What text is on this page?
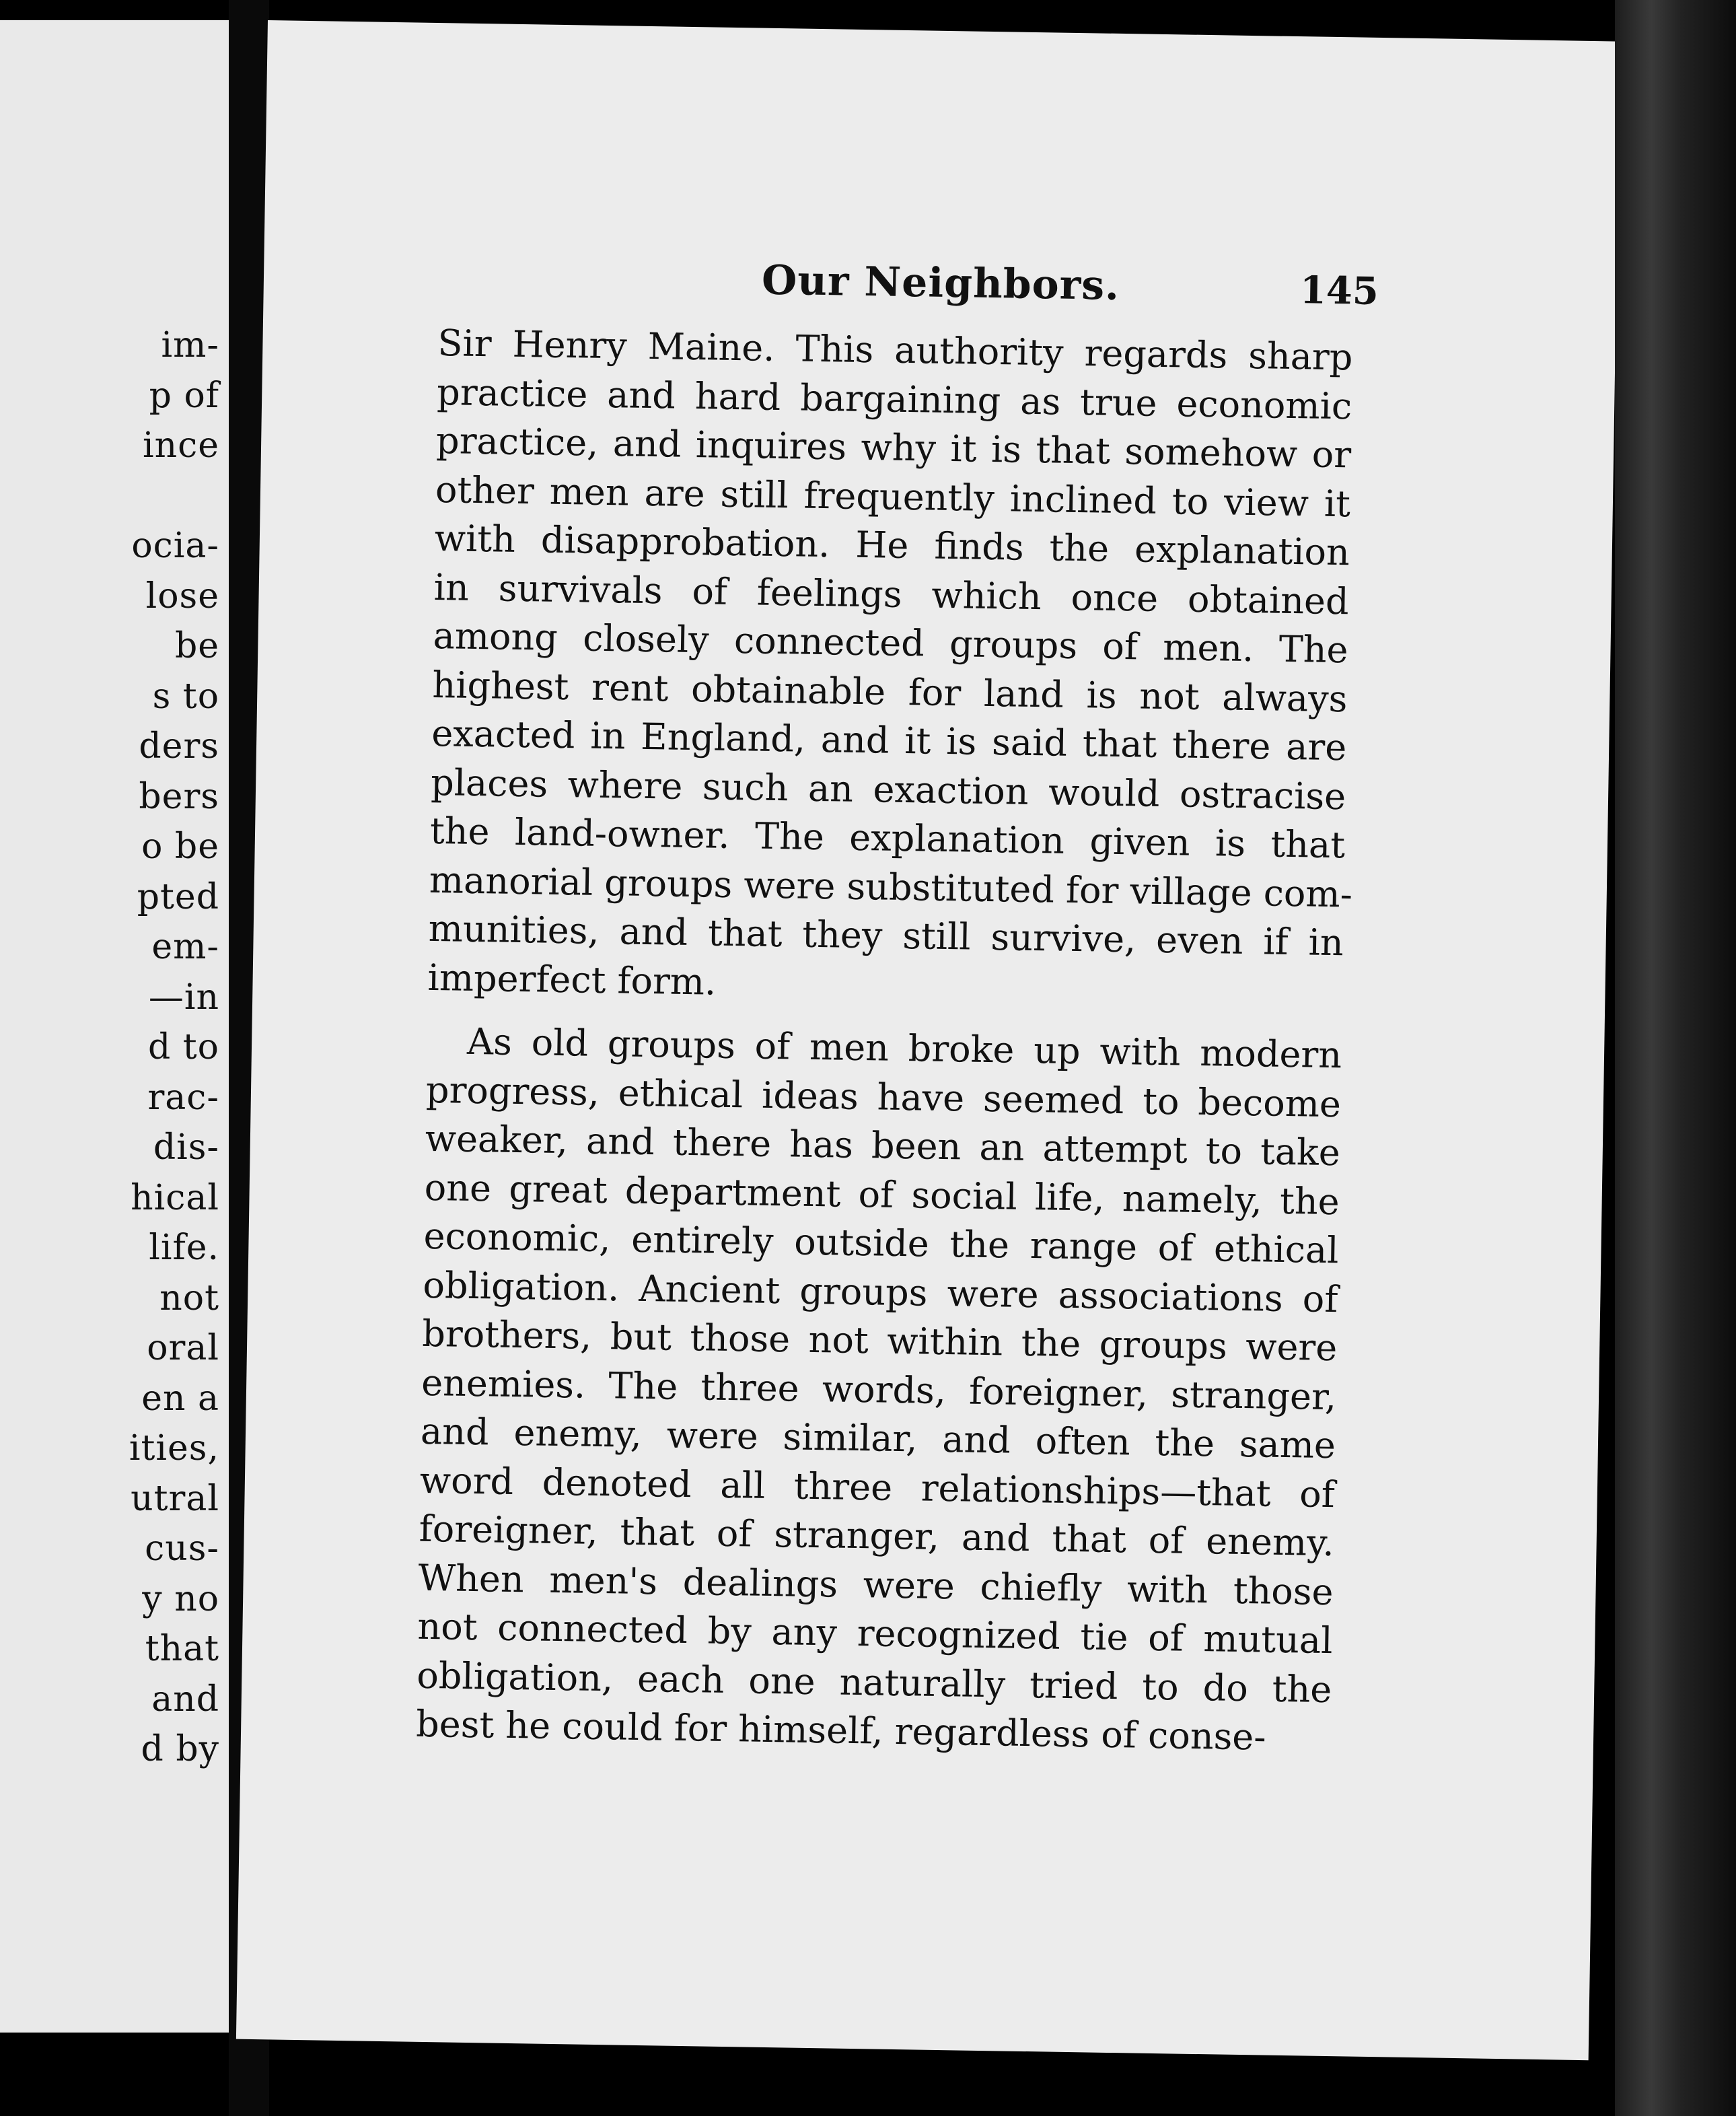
im-
p of
ince
ocia-
lose
be
s to
ders
bers
o be
pted
em-
—in
d to
rac-
dis-
hical
life.
not
oral
en a
ities,
utral
cus-
y no
that
and
d by
Our Neighbors.	145
Sir Henry Maine. This authority regards sharp
practice and hard bargaining as true economic
practice, and inquires why it is that somehow or
other men are still frequently inclined to view it
with disapprobation. He finds the explanation
in survivals of feelings which once obtained
among closely connected groups of men. The
highest rent obtainable for land is not always
exacted in England, and it is said that there are
places where such an exaction would ostracise
the land-owner. The explanation given is that
manorial groups were substituted for village com-
munities, and that they still survive, even if in
imperfect form.
As old groups of men broke up with modern
progress, ethical ideas have seemed to become
weaker, and there has been an attempt to take
one great department of social life, namely, the
economic, entirely outside the range of ethical
obligation. Ancient groups were associations of
brothers, but those not within the groups were
enemies. The three words, foreigner, stranger,
and enemy, were similar, and often the same
word denoted all three relationships—that of
foreigner, that of stranger, and that of enemy.
When men's dealings were chiefly with those
not connected by any recognized tie of mutual
obligation, each one naturally tried to do the
best he could for himself, regardless of conse-
